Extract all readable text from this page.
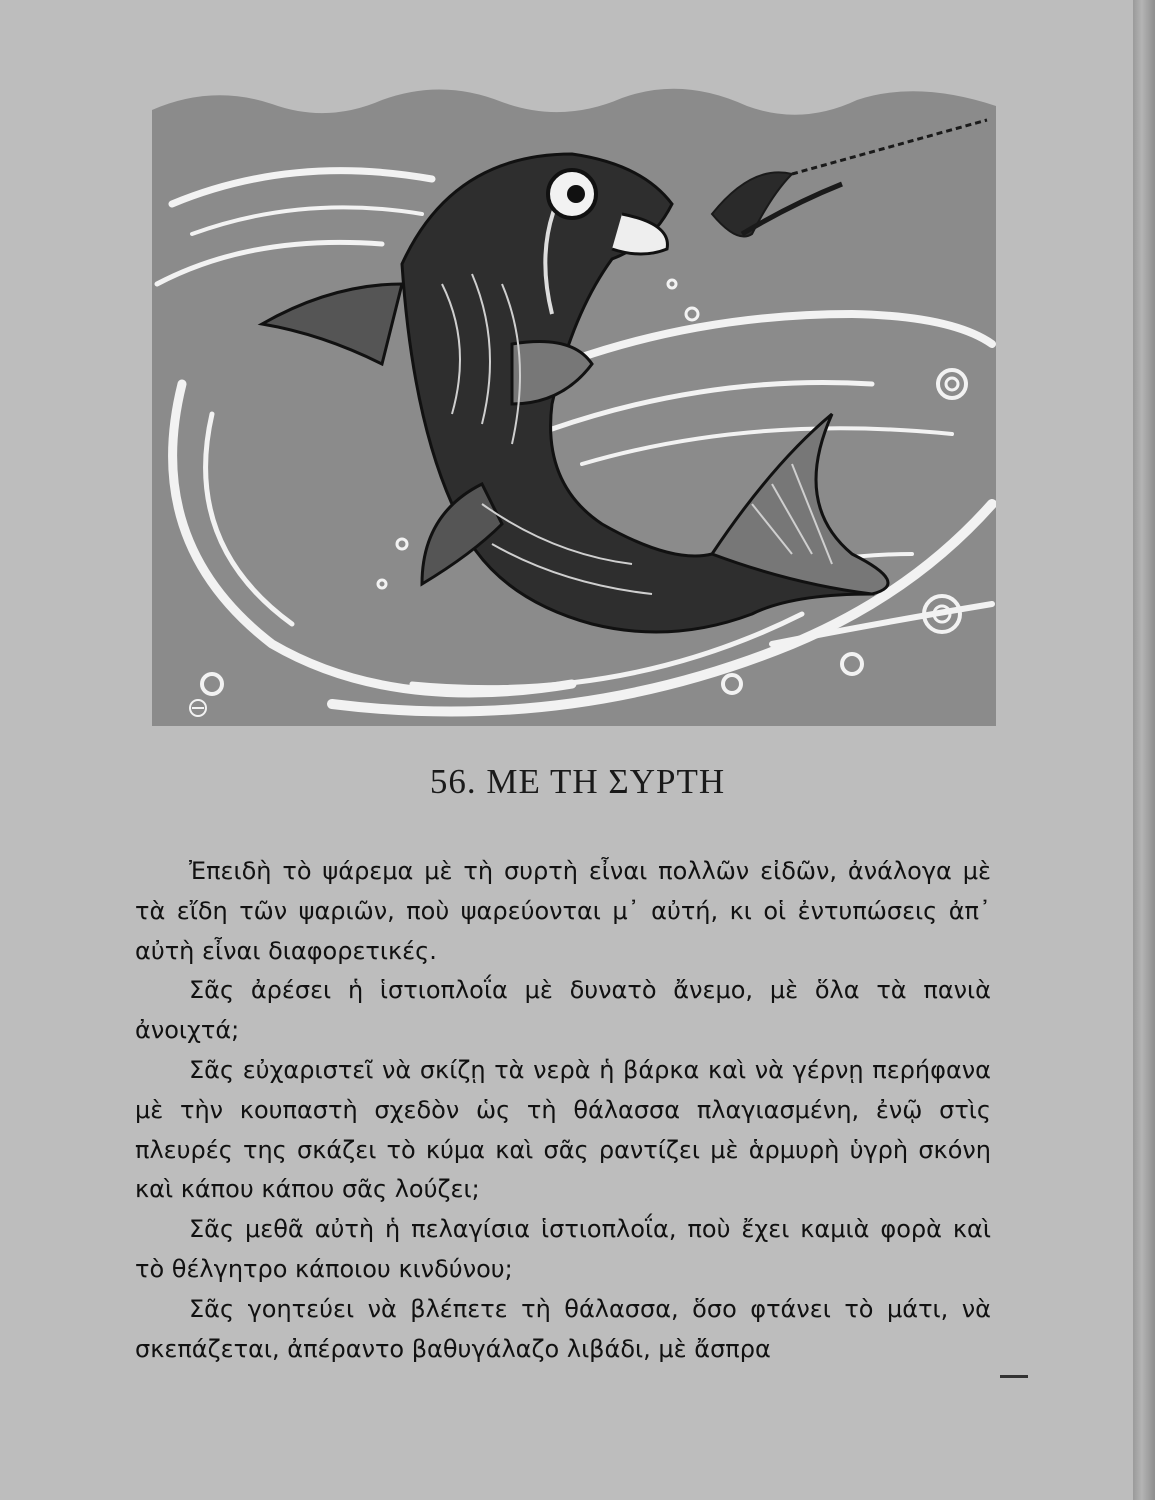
56. ΜΕ ΤΗ ΣΥΡΤΗ

Ἐπειδὴ τὸ ψάρεμα μὲ τὴ συρτὴ εἶναι πολλῶν εἰδῶν, ἀνάλογα μὲ τὰ εἴδη τῶν ψαριῶν, ποὺ ψαρεύονται μ᾽ αὐτή, κι οἱ ἐντυπώσεις ἀπ᾽ αὐτὴ εἶναι διαφορετικές.

Σᾶς ἀρέσει ἡ ἱστιοπλοΐα μὲ δυνατὸ ἄνεμο, μὲ ὅλα τὰ πανιὰ ἀνοιχτά;

Σᾶς εὐχαριστεῖ νὰ σκίζῃ τὰ νερὰ ἡ βάρκα καὶ νὰ γέρνῃ περήφανα μὲ τὴν κουπαστὴ σχεδὸν ὡς τὴ θάλασσα πλαγιασμένη, ἐνῷ στὶς πλευρές της σκάζει τὸ κύμα καὶ σᾶς ραντίζει μὲ ἁρμυρὴ ὑγρὴ σκόνη καὶ κάπου κάπου σᾶς λούζει;

Σᾶς μεθᾶ αὐτὴ ἡ πελαγίσια ἱστιοπλοΐα, ποὺ ἔχει καμιὰ φορὰ καὶ τὸ θέλγητρο κάποιου κινδύνου;

Σᾶς γοητεύει νὰ βλέπετε τὴ θάλασσα, ὅσο φτάνει τὸ μάτι, νὰ σκεπάζεται, ἀπέραντο βαθυγάλαζο λιβάδι, μὲ ἄσπρα
